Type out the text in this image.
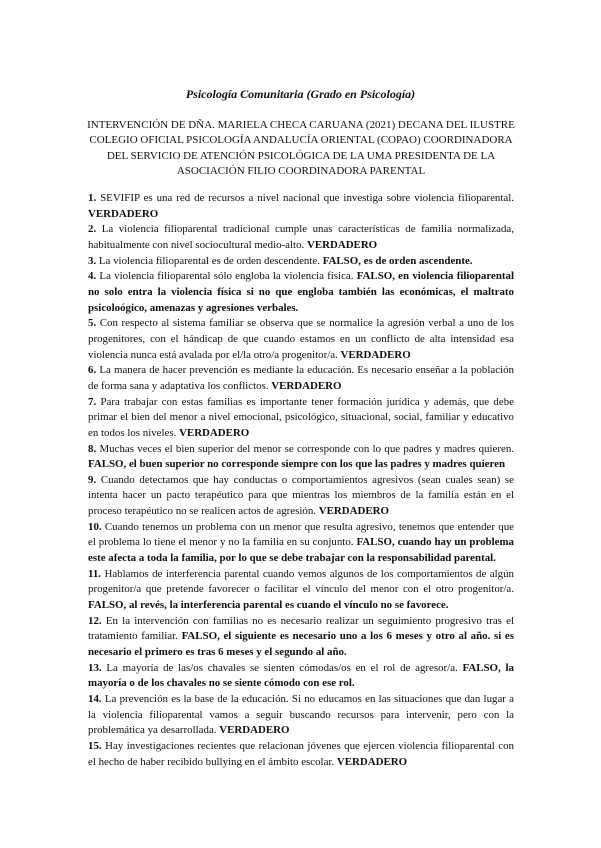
Psicología Comunitaria (Grado en Psicología)
INTERVENCIÓN DE DÑA. MARIELA CHECA CARUANA (2021) DECANA DEL ILUSTRE COLEGIO OFICIAL PSICOLOGÍA ANDALUCÍA ORIENTAL (COPAO) COORDINADORA DEL SERVICIO DE ATENCIÓN PSICOLÓGICA DE LA UMA PRESIDENTA DE LA ASOCIACIÓN FILIO COORDINADORA PARENTAL

1. SEVIFIP es una red de recursos a nivel nacional que investiga sobre violencia filioparental. VERDADERO

2. La violencia filioparental tradicional cumple unas características de familia normalizada, habitualmente con nivel sociocultural medio-alto. VERDADERO

3. La violencia filioparental es de orden descendente. FALSO, es de orden ascendente.

4. La violencia filioparental sólo engloba la violencia física. FALSO, en violencia filioparental no solo entra la violencia física si no que engloba también las económicas, el maltrato psicoloógico, amenazas y agresiones verbales.

5. Con respecto al sistema familiar se observa que se normalice la agresión verbal a uno de los progenitores, con el hándicap de que cuando estamos en un conflicto de alta intensidad esa violencia nunca está avalada por el/la otro/a progenitor/a. VERDADERO

6. La manera de hacer prevención es mediante la educación. Es necesario enseñar a la población de forma sana y adaptativa los conflictos. VERDADERO

7. Para trabajar con estas familias es importante tener formación jurídica y además, que debe primar el bien del menor a nivel emocional, psicológico, situacional, social, familiar y educativo en todos los niveles. VERDADERO

8. Muchas veces el bien superior del menor se corresponde con lo que padres y madres quieren. FALSO, el buen superior no corresponde siempre con los que las padres y madres quieren

9. Cuando detectamos que hay conductas o comportamientos agresivos (sean cuales sean) se intenta hacer un pacto terapéutico para que mientras los miembros de la familia están en el proceso terapéutico no se realicen actos de agresión. VERDADERO

10. Cuando tenemos un problema con un menor que resulta agresivo, tenemos que entender que el problema lo tiene el menor y no la familia en su conjunto. FALSO, cuando hay un problema este afecta a toda la familia, por lo que se debe trabajar con la responsabilidad parental.

11. Hablamos de interferencia parental cuando vemos algunos de los comportamientos de algún progenitor/a que pretende favorecer o facilitar el vínculo del menor con el otro progenitor/a. FALSO, al revés, la interferencia parental es cuando el vínculo no se favorece.

12. En la intervención con familias no es necesario realizar un seguimiento progresivo tras el tratamiento familiar. FALSO, el siguiente es necesario uno a los 6 meses y otro al año. si es necesario el primero es tras 6 meses y el segundo al año.

13. La mayoría de las/os chavales se sienten cómodas/os en el rol de agresor/a. FALSO, la mayoría o de los chavales no se siente cómodo con ese rol.

14. La prevención es la base de la educación. Si no educamos en las situaciones que dan lugar a la violencia filioparental vamos a seguir buscando recursos para intervenir, pero con la problemática ya desarrollada. VERDADERO

15. Hay investigaciones recientes que relacionan jóvenes que ejercen violencia filioparental con el hecho de haber recibido bullying en el ámbito escolar. VERDADERO
